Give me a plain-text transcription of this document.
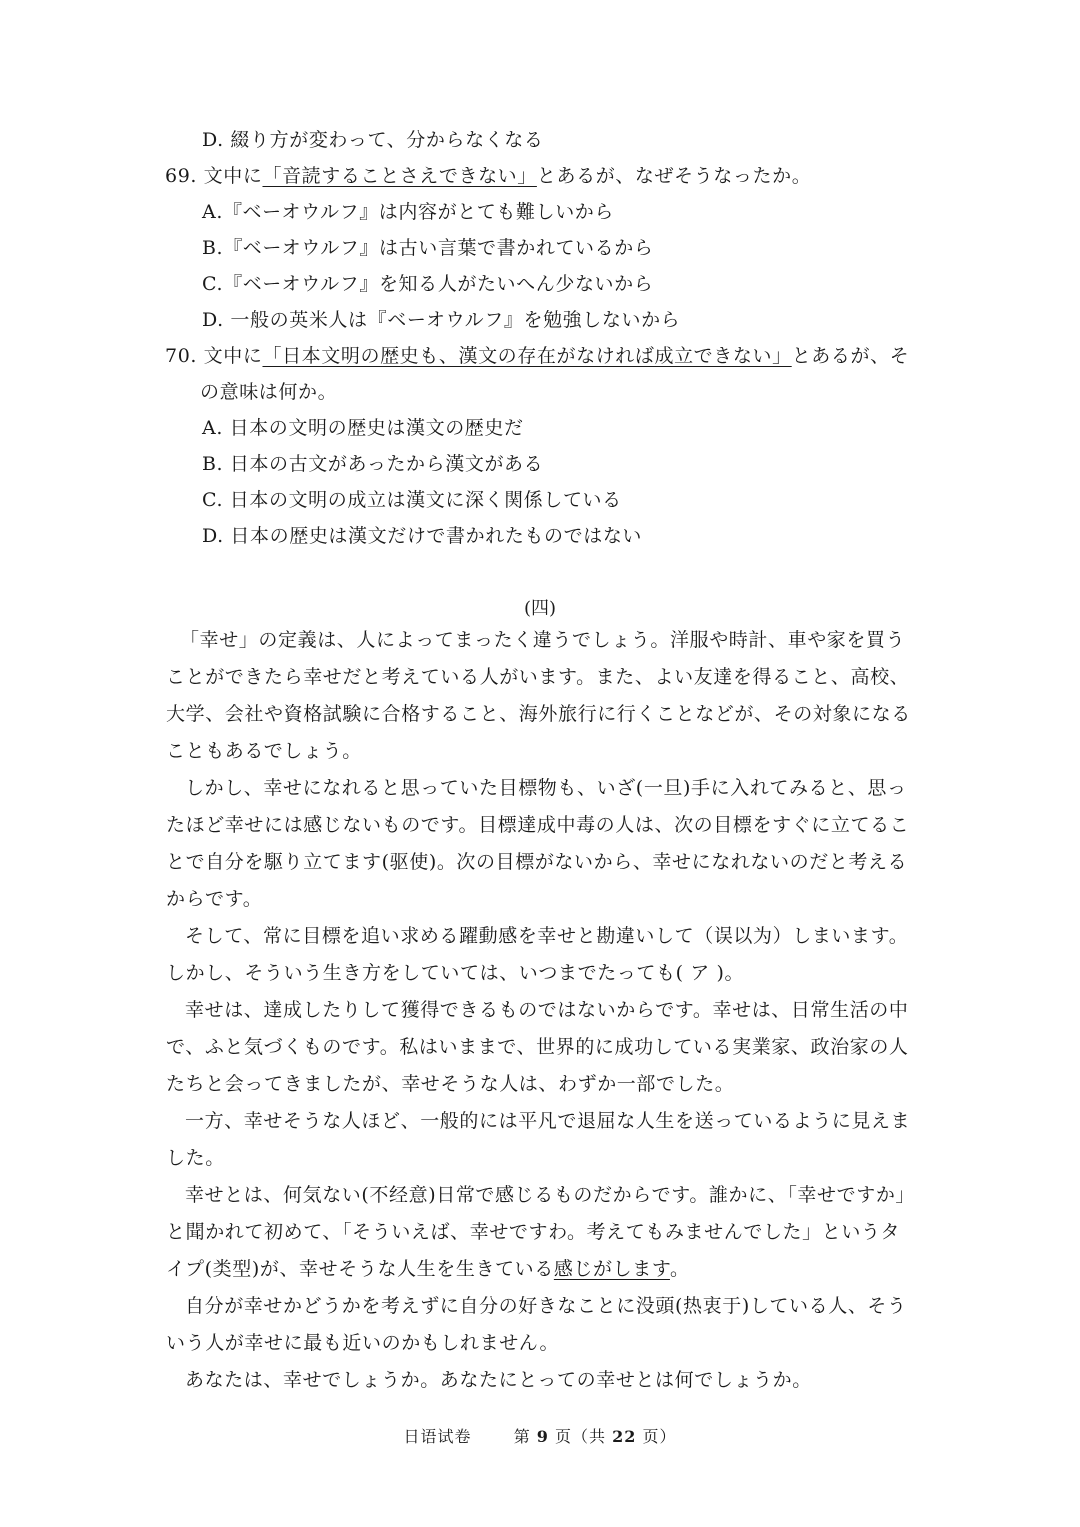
D. 綴り方が変わって、分からなくなる
69. 文中に「音読することさえできない」とあるが、なぜそうなったか。
A.『ベーオウルフ』は内容がとても難しいから
B.『ベーオウルフ』は古い言葉で書かれているから
C.『ベーオウルフ』を知る人がたいへん少ないから
D. 一般の英米人は『ベーオウルフ』を勉強しないから
70. 文中に「日本文明の歴史も、漢文の存在がなければ成立できない」とあるが、そ
の意味は何か。
A. 日本の文明の歴史は漢文の歴史だ
B. 日本の古文があったから漢文がある
C. 日本の文明の成立は漢文に深く関係している
D. 日本の歴史は漢文だけで書かれたものではない
(四)
「幸せ」の定義は、人によってまったく違うでしょう。洋服や時計、車や家を買う
ことができたら幸せだと考えている人がいます。また、よい友達を得ること、高校、
大学、会社や資格試験に合格すること、海外旅行に行くことなどが、その対象になる
こともあるでしょう。
しかし、幸せになれると思っていた目標物も、いざ(一旦)手に入れてみると、思っ
たほど幸せには感じないものです。目標達成中毒の人は、次の目標をすぐに立てるこ
とで自分を駆り立てます(驱使)。次の目標がないから、幸せになれないのだと考える
からです。
そして、常に目標を追い求める躍動感を幸せと勘違いして（误以为）しまいます。
しかし、そういう生き方をしていては、いつまでたっても( ア )。
幸せは、達成したりして獲得できるものではないからです。幸せは、日常生活の中
で、ふと気づくものです。私はいままで、世界的に成功している実業家、政治家の人
たちと会ってきましたが、幸せそうな人は、わずか一部でした。
一方、幸せそうな人ほど、一般的には平凡で退屈な人生を送っているように見えま
した。
幸せとは、何気ない(不经意)日常で感じるものだからです。誰かに、「幸せですか」
と聞かれて初めて、「そういえば、幸せですわ。考えてもみませんでした」というタ
イプ(类型)が、幸せそうな人生を生きている感じがします。
自分が幸せかどうかを考えずに自分の好きなことに没頭(热衷于)している人、そう
いう人が幸せに最も近いのかもしれません。
あなたは、幸せでしょうか。あなたにとっての幸せとは何でしょうか。
日语试卷	第 9 页（共 22 页）
